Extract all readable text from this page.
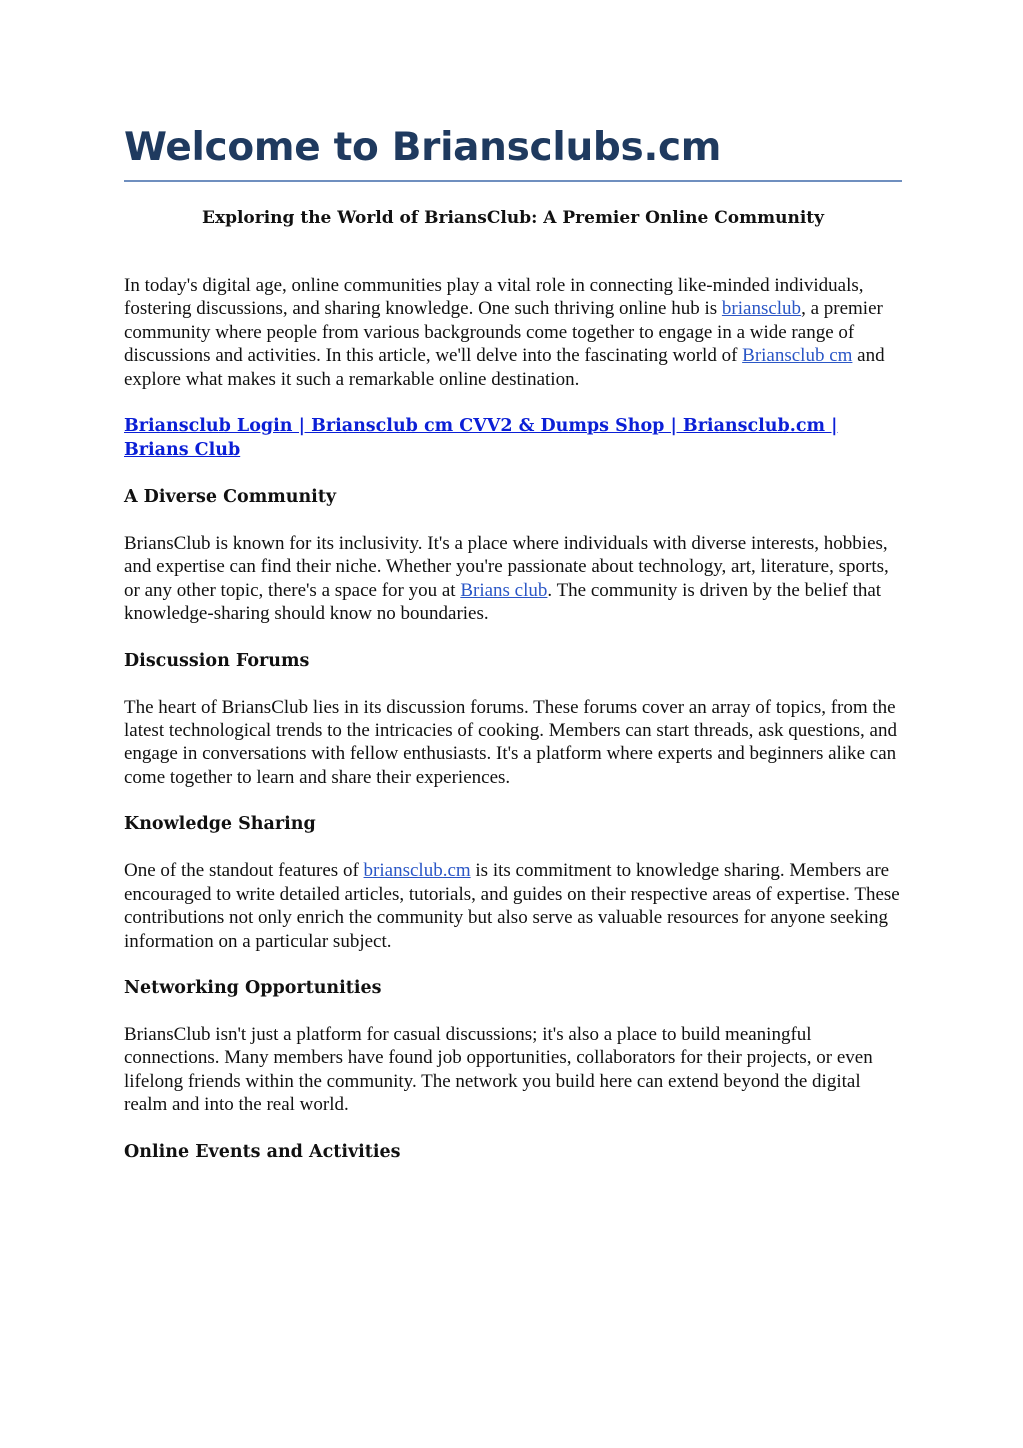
Welcome to Briansclubs.cm
Exploring the World of BriansClub: A Premier Online Community

In today's digital age, online communities play a vital role in connecting like-minded individuals, fostering discussions, and sharing knowledge. One such thriving online hub is briansclub, a premier community where people from various backgrounds come together to engage in a wide range of discussions and activities. In this article, we'll delve into the fascinating world of Briansclub cm and explore what makes it such a remarkable online destination.

Briansclub Login | Briansclub cm CVV2 & Dumps Shop | Briansclub.cm | Brians Club
A Diverse Community

BriansClub is known for its inclusivity. It's a place where individuals with diverse interests, hobbies, and expertise can find their niche. Whether you're passionate about technology, art, literature, sports, or any other topic, there's a space for you at Brians club. The community is driven by the belief that knowledge-sharing should know no boundaries.

Discussion Forums

The heart of BriansClub lies in its discussion forums. These forums cover an array of topics, from the latest technological trends to the intricacies of cooking. Members can start threads, ask questions, and engage in conversations with fellow enthusiasts. It's a platform where experts and beginners alike can come together to learn and share their experiences.

Knowledge Sharing

One of the standout features of briansclub.cm is its commitment to knowledge sharing. Members are encouraged to write detailed articles, tutorials, and guides on their respective areas of expertise. These contributions not only enrich the community but also serve as valuable resources for anyone seeking information on a particular subject.

Networking Opportunities

BriansClub isn't just a platform for casual discussions; it's also a place to build meaningful connections. Many members have found job opportunities, collaborators for their projects, or even lifelong friends within the community. The network you build here can extend beyond the digital realm and into the real world.

Online Events and Activities
